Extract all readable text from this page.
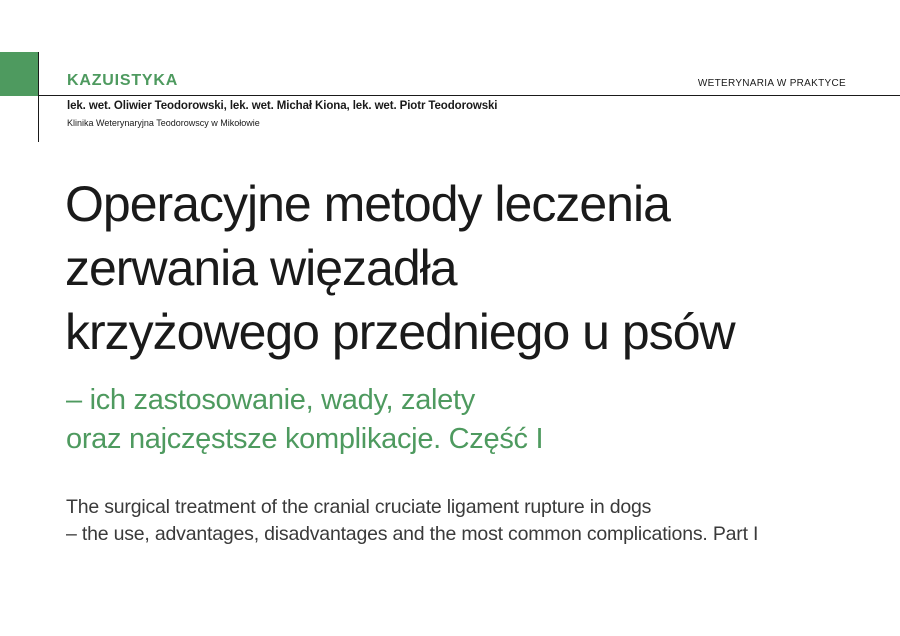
KAZUISTYKA	WETERYNARIA W PRAKTYCE
lek. wet. Oliwier Teodorowski, lek. wet. Michał Kiona, lek. wet. Piotr Teodorowski
Klinika Weterynaryjna Teodorowscy w Mikołowie
Operacyjne metody leczenia
zerwania więzadła
krzyżowego przedniego u psów
– ich zastosowanie, wady, zalety
oraz najczęstsze komplikacje. Część I

The surgical treatment of the cranial cruciate ligament rupture in dogs
– the use, advantages, disadvantages and the most common complications. Part I
